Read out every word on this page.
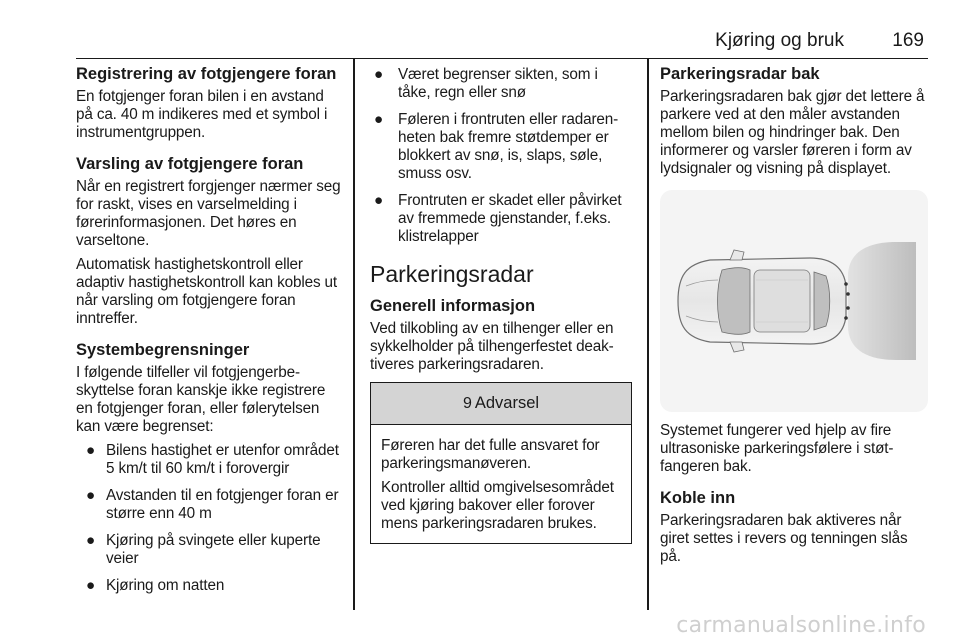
Kjøring og bruk	169
Registrering av fotgjengere foran
En fotgjenger foran bilen i en avstand på ca. 40 m indikeres med et symbol i instrumentgruppen.
Varsling av fotgjengere foran
Når en registrert forgjenger nærmer seg for raskt, vises en varselmelding i førerinformasjonen. Det høres en varseltone.
Automatisk hastighetskontroll eller adaptiv hastighetskontroll kan kobles ut når varsling om fotgjengere foran inntreffer.
Systembegrensninger
I følgende tilfeller vil fotgjengerbeskyttelse foran kanskje ikke registrere en fotgjenger foran, eller følerytelsen kan være begrenset:
● Bilens hastighet er utenfor området 5 km/t til 60 km/t i forovergir
● Avstanden til en fotgjenger foran er større enn 40 m
● Kjøring på svingete eller kuperte veier
● Kjøring om natten
● Været begrenser sikten, som i tåke, regn eller snø
● Føleren i frontruten eller radarenheten bak fremre støtdemper er blokkert av snø, is, slaps, søle, smuss osv.
● Frontruten er skadet eller påvirket av fremmede gjenstander, f.eks. klistrelapper
Parkeringsradar
Generell informasjon
Ved tilkobling av en tilhenger eller en sykkelholder på tilhengerfestet deaktiveres parkeringsradaren.
9 Advarsel
Føreren har det fulle ansvaret for parkeringsmanøveren.
Kontroller alltid omgivelsesområdet ved kjøring bakover eller forover mens parkeringsradaren brukes.
Parkeringsradar bak
Parkeringsradaren bak gjør det lettere å parkere ved at den måler avstanden mellom bilen og hindringer bak. Den informerer og varsler føreren i form av lydsignaler og visning på displayet.
Systemet fungerer ved hjelp av fire ultrasoniske parkeringsfølere i støtfangeren bak.
Koble inn
Parkeringsradaren bak aktiveres når giret settes i revers og tenningen slås på.
carmanualsonline.info
